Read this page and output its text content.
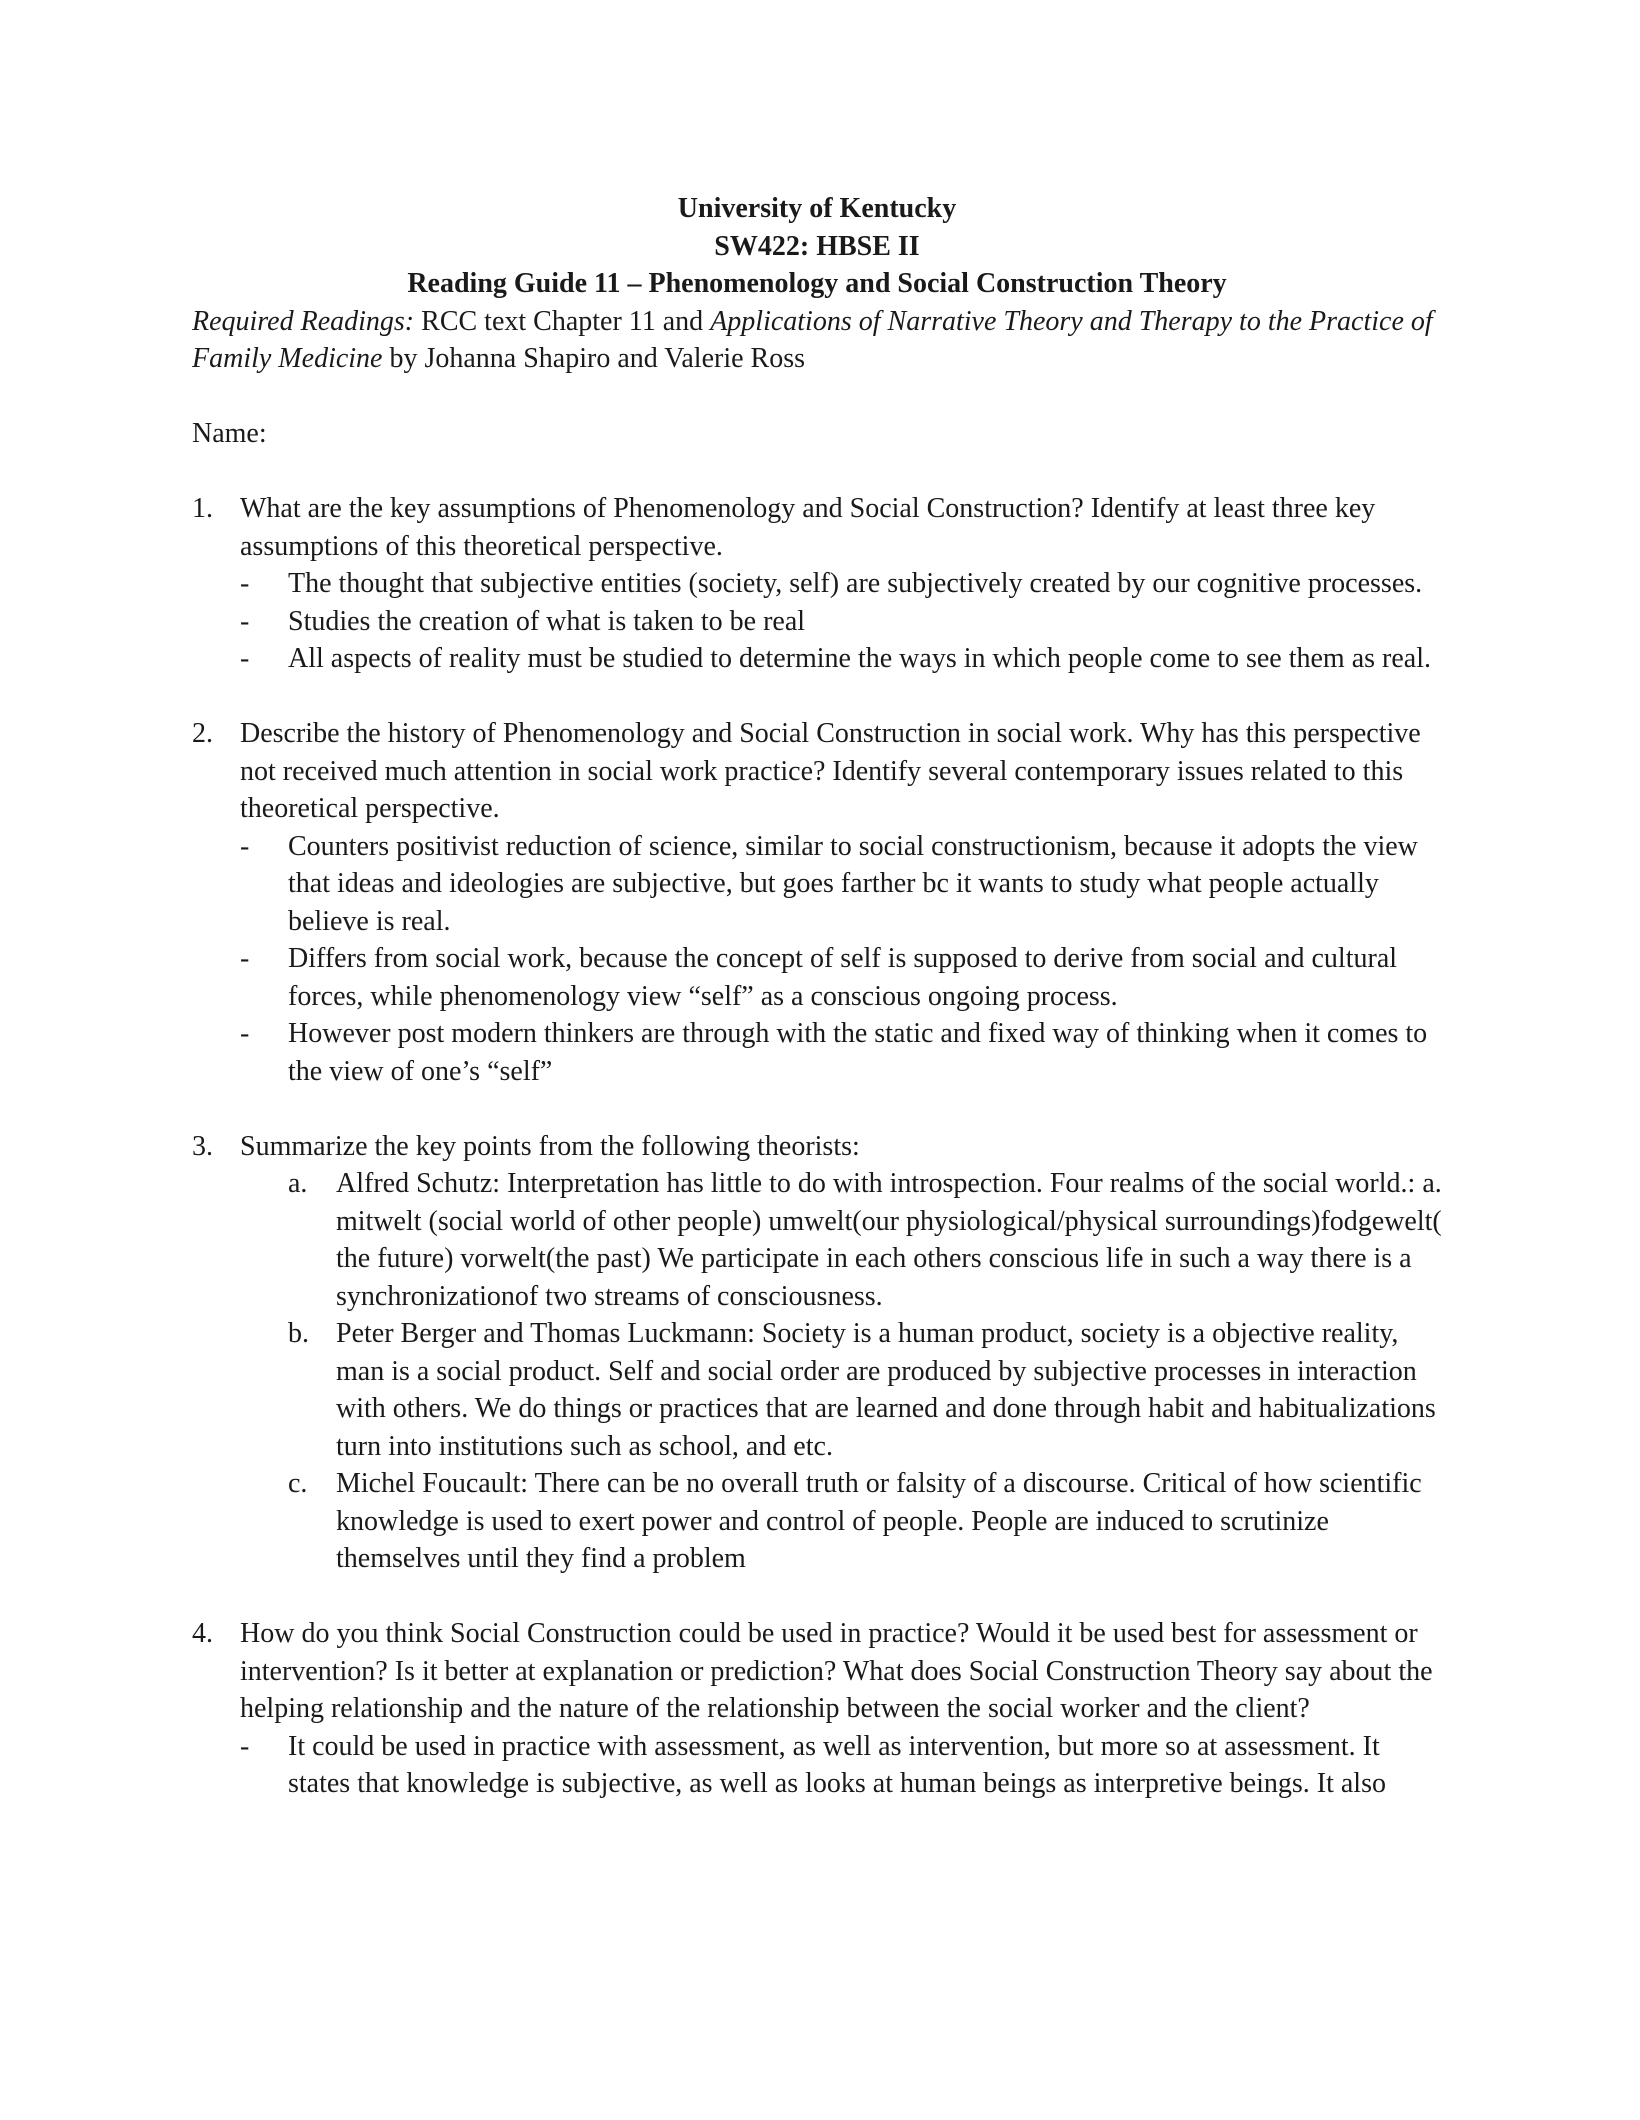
University of Kentucky
SW422: HBSE II
Reading Guide 11 – Phenomenology and Social Construction Theory

Required Readings: RCC text Chapter 11 and Applications of Narrative Theory and Therapy to the Practice of Family Medicine by Johanna Shapiro and Valerie Ross

Name:
1. What are the key assumptions of Phenomenology and Social Construction? Identify at least three key assumptions of this theoretical perspective.
- The thought that subjective entities (society, self) are subjectively created by our cognitive processes.
- Studies the creation of what is taken to be real
- All aspects of reality must be studied to determine the ways in which people come to see them as real.
2. Describe the history of Phenomenology and Social Construction in social work. Why has this perspective not received much attention in social work practice? Identify several contemporary issues related to this theoretical perspective.
- Counters positivist reduction of science, similar to social constructionism, because it adopts the view that ideas and ideologies are subjective, but goes farther bc it wants to study what people actually believe is real.
- Differs from social work, because the concept of self is supposed to derive from social and cultural forces, while phenomenology view “self” as a conscious ongoing process.
- However post modern thinkers are through with the static and fixed way of thinking when it comes to the view of one’s “self”
3. Summarize the key points from the following theorists:
a. Alfred Schutz: Interpretation has little to do with introspection. Four realms of the social world.: a. mitwelt (social world of other people) umwelt(our physiological/physical surroundings)fodgewelt( the future) vorwelt(the past) We participate in each others conscious life in such a way there is a synchronizationof two streams of consciousness.
b. Peter Berger and Thomas Luckmann: Society is a human product, society is a objective reality, man is a social product. Self and social order are produced by subjective processes in interaction with others. We do things or practices that are learned and done through habit and habitualizations turn into institutions such as school, and etc.
c. Michel Foucault: There can be no overall truth or falsity of a discourse. Critical of how scientific knowledge is used to exert power and control of people. People are induced to scrutinize themselves until they find a problem
4. How do you think Social Construction could be used in practice? Would it be used best for assessment or intervention? Is it better at explanation or prediction? What does Social Construction Theory say about the helping relationship and the nature of the relationship between the social worker and the client?
- It could be used in practice with assessment, as well as intervention, but more so at assessment. It states that knowledge is subjective, as well as looks at human beings as interpretive beings. It also
